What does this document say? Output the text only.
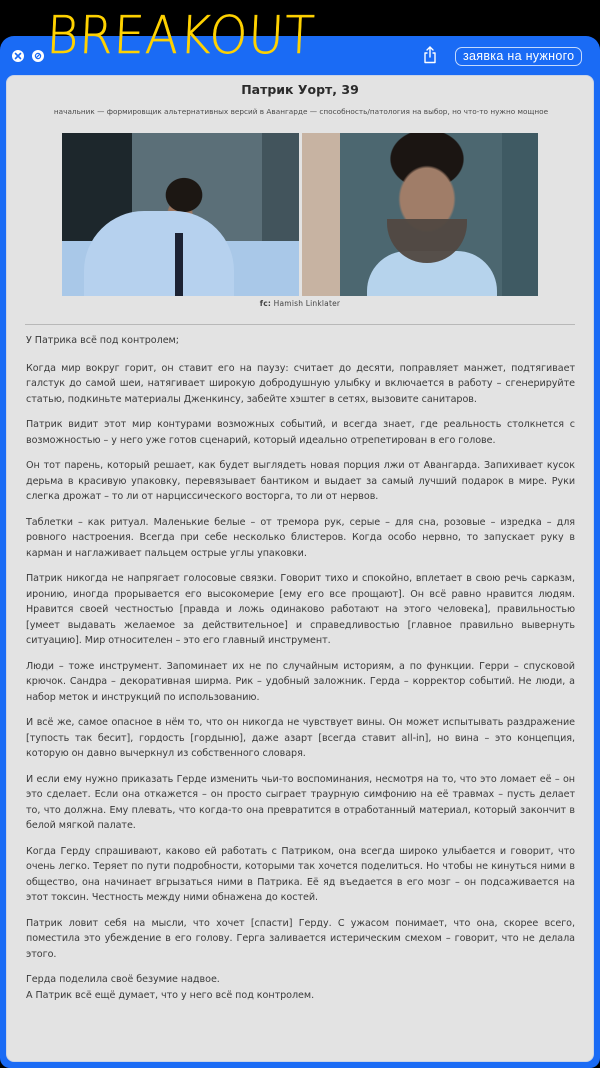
BREAKOUT	заявка на нужного
Патрик Уорт, 39
начальник — формировщик альтернативных версий в Авангарде — способность/патология на выбор, но что-то нужно мощное
fc: Hamish Linklater

У Патрика всё под контролем;

Когда мир вокруг горит, он ставит его на паузу: считает до десяти, поправляет манжет, подтягивает галстук до самой шеи, натягивает широкую добродушную улыбку и включается в работу – сгенерируйте статью, подкиньте материалы Дженкинсу, забейте хэштег в сетях, вызовите санитаров.

Патрик видит этот мир контурами возможных событий, и всегда знает, где реальность столкнется с возможностью – у него уже готов сценарий, который идеально отрепетирован в его голове.

Он тот парень, который решает, как будет выглядеть новая порция лжи от Авангарда. Запихивает кусок дерьма в красивую упаковку, перевязывает бантиком и выдает за самый лучший подарок в мире. Руки слегка дрожат – то ли от нарциссического восторга, то ли от нервов.

Таблетки – как ритуал. Маленькие белые – от тремора рук, серые – для сна, розовые – изредка – для ровного настроения. Всегда при себе несколько блистеров. Когда особо нервно, то запускает руку в карман и наглаживает пальцем острые углы упаковки.

Патрик никогда не напрягает голосовые связки. Говорит тихо и спокойно, вплетает в свою речь сарказм, иронию, иногда прорывается его высокомерие [ему его все прощают]. Он всё равно нравится людям. Нравится своей честностью [правда и ложь одинаково работают на этого человека], правильностью [умеет выдавать желаемое за действительное] и справедливостью [главное правильно вывернуть ситуацию]. Мир относителен – это его главный инструмент.

Люди – тоже инструмент. Запоминает их не по случайным историям, а по функции. Герри – спусковой крючок. Сандра – декоративная ширма. Рик – удобный заложник. Герда – корректор событий. Не люди, а набор меток и инструкций по использованию.

И всё же, самое опасное в нём то, что он никогда не чувствует вины. Он может испытывать раздражение [тупость так бесит], гордость [гордыню], даже азарт [всегда ставит all-in], но вина – это концепция, которую он давно вычеркнул из собственного словаря.

И если ему нужно приказать Герде изменить чьи-то воспоминания, несмотря на то, что это ломает её – он это сделает. Если она откажется – он просто сыграет траурную симфонию на её травмах – пусть делает то, что должна. Ему плевать, что когда-то она превратится в отработанный материал, который закончит в белой мягкой палате.

Когда Герду спрашивают, каково ей работать с Патриком, она всегда широко улыбается и говорит, что очень легко. Теряет по пути подробности, которыми так хочется поделиться. Но чтобы не кинуться ними в общество, она начинает вгрызаться ними в Патрика. Её яд въедается в его мозг – он подсаживается на этот токсин. Честность между ними обнажена до костей.

Патрик ловит себя на мысли, что хочет [спасти] Герду. С ужасом понимает, что она, скорее всего, поместила это убеждение в его голову. Герга заливается истерическим смехом – говорит, что не делала этого.

Герда поделила своё безумие надвое.

А Патрик всё ещё думает, что у него всё под контролем.
